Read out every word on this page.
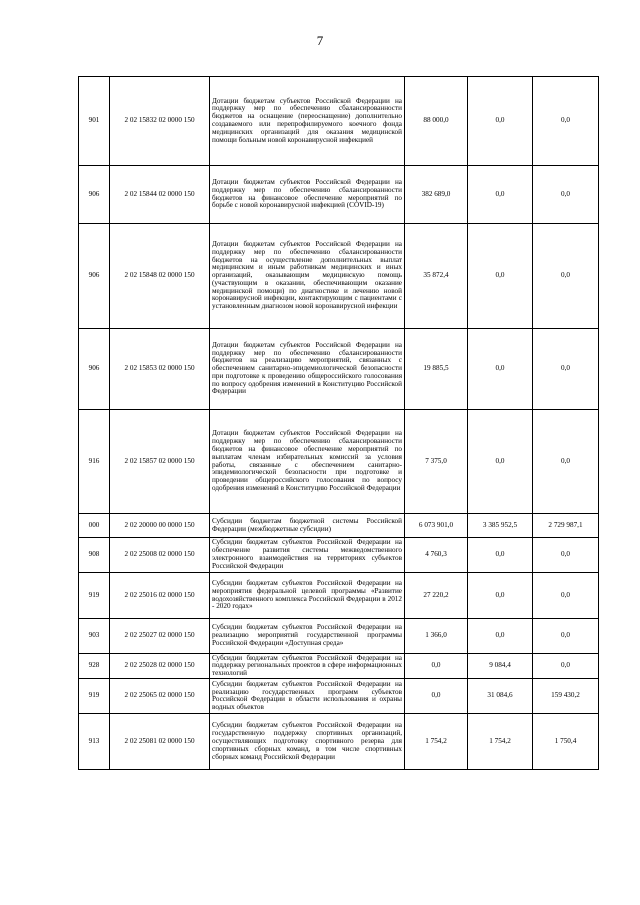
7
901	2 02 15832 02 0000 150	Дотации бюджетам субъектов Российской Федерации на поддержку мер по обеспечению сбалансированности бюджетов на оснащение (переоснащение) дополнительно создаваемого или перепрофилируемого коечного фонда медицинских организаций для оказания медицинской помощи больным новой коронавирусной инфекцией	88 000,0	0,0	0,0
906	2 02 15844 02 0000 150	Дотации бюджетам субъектов Российской Федерации на поддержку мер по обеспечению сбалансированности бюджетов на финансовое обеспечение мероприятий по борьбе с новой коронавирусной инфекцией (COVID-19)	382 689,0	0,0	0,0
906	2 02 15848 02 0000 150	Дотации бюджетам субъектов Российской Федерации на поддержку мер по обеспечению сбалансированности бюджетов на осуществление дополнительных выплат медицинским и иным работникам медицинских и иных организаций, оказывающим медицинскую помощь (участвующим в оказании, обеспечивающим оказание медицинской помощи) по диагностике и лечению новой коронавирусной инфекции, контактирующим с пациентами с установленным диагнозом новой коронавирусной инфекции	35 872,4	0,0	0,0
906	2 02 15853 02 0000 150	Дотации бюджетам субъектов Российской Федерации на поддержку мер по обеспечению сбалансированности бюджетов на реализацию мероприятий, связанных с обеспечением санитарно-эпидемиологической безопасности при подготовке к проведению общероссийского голосования по вопросу одобрения изменений в Конституцию Российской Федерации	19 885,5	0,0	0,0
916	2 02 15857 02 0000 150	Дотации бюджетам субъектов Российской Федерации на поддержку мер по обеспечению сбалансированности бюджетов на финансовое обеспечение мероприятий по выплатам членам избирательных комиссий за условия работы, связанные с обеспечением санитарно-эпидемиологической безопасности при подготовке и проведении общероссийского голосования по вопросу одобрения изменений в Конституцию Российской Федерации	7 375,0	0,0	0,0
000	2 02 20000 00 0000 150	Субсидии бюджетам бюджетной системы Российской Федерации (межбюджетные субсидии)	6 073 901,0	3 385 952,5	2 729 987,1
908	2 02 25008 02 0000 150	Субсидии бюджетам субъектов Российской Федерации на обеспечение развития системы межведомственного электронного взаимодействия на территориях субъектов Российской Федерации	4 760,3	0,0	0,0
919	2 02 25016 02 0000 150	Субсидии бюджетам субъектов Российской Федерации на мероприятия федеральной целевой программы «Развитие водохозяйственного комплекса Российской Федерации в 2012 - 2020 годах»	27 220,2	0,0	0,0
903	2 02 25027 02 0000 150	Субсидии бюджетам субъектов Российской Федерации на реализацию мероприятий государственной программы Российской Федерации «Доступная среда»	1 366,0	0,0	0,0
928	2 02 25028 02 0000 150	Субсидии бюджетам субъектов Российской Федерации на поддержку региональных проектов в сфере информационных технологий	0,0	9 084,4	0,0
919	2 02 25065 02 0000 150	Субсидии бюджетам субъектов Российской Федерации на реализацию государственных программ субъектов Российской Федерации в области использования и охраны водных объектов	0,0	31 084,6	159 430,2
913	2 02 25081 02 0000 150	Субсидии бюджетам субъектов Российской Федерации на государственную поддержку спортивных организаций, осуществляющих подготовку спортивного резерва для спортивных сборных команд, в том числе спортивных сборных команд Российской Федерации	1 754,2	1 754,2	1 750,4
